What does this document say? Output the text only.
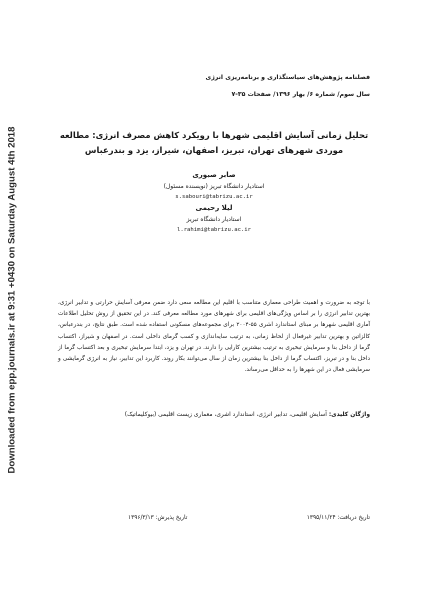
Downloaded from epp.journals.ir at 9:31 +0430 on Saturday August 4th 2018
فصلنامه پژوهش‌های سیاستگذاری و برنامه‌ریزی انرژی
سال سوم/ شماره ۶/ بهار ۱۳۹۶/ صفحات ۳۵-۷
تحلیل زمانی آسایش اقلیمی شهرها با رویکرد کاهش مصرف انرژی: مطالعه موردی شهرهای تهران، تبریز، اصفهان، شیراز، یزد و بندرعباس
صابر صبوری
استادیار دانشگاه تبریز (نویسنده مسئول)
s.sabouri@tabrizu.ac.ir
لیلا رحیمی
استادیار دانشگاه تبریز
l.rahimi@tabrizu.ac.ir
با توجه به ضرورت و اهمیت طراحی معماری متناسب با اقلیم این مطالعه سعی دارد ضمن معرفی آسایش حرارتی و تدابیر انرژی، بهترین تدابیر انرژی را بر اساس ویژگی‌های اقلیمی برای شهرهای مورد مطالعه معرفی کند. در این تحقیق از روش تحلیل اطلاعات آماری اقلیمی شهرها بر مبنای استاندارد اشری ۵۵-۲۰۰۴ برای مجموعه‌های مسکونی استفاده شده است. طبق نتایج، در بندرعباس، کالزاتین و بهترین تدابیر غیرفعال از لحاظ زمانی، به ترتیب سایه‌اندازی و کسب گرمای داخلی است. در اصفهان و شیراز، اکتساب گرما از داخل بنا و سرمایش تبخیری به ترتیب بیشترین کارایی را دارند. در تهران و یزد، ابتدا سرمایش تبخیری و بعد اکتساب گرما از داخل بنا و در تبریز، اکتساب گرما از داخل بنا بیشترین زمان از سال می‌توانند بکار روند. کاربرد این تدابیر، نیاز به انرژی گرمایشی و سرمایشی فعال در این شهرها را به حداقل می‌رساند.
واژگان کلیدی: آسایش اقلیمی، تدابیر انرژی، استاندارد اشری، معماری زیست اقلیمی (بیوکلیماتیک)
تاریخ دریافت: ۱۳۹۵/۱۱/۲۴
تاریخ پذیرش: ۱۳۹۶/۳/۱۳
